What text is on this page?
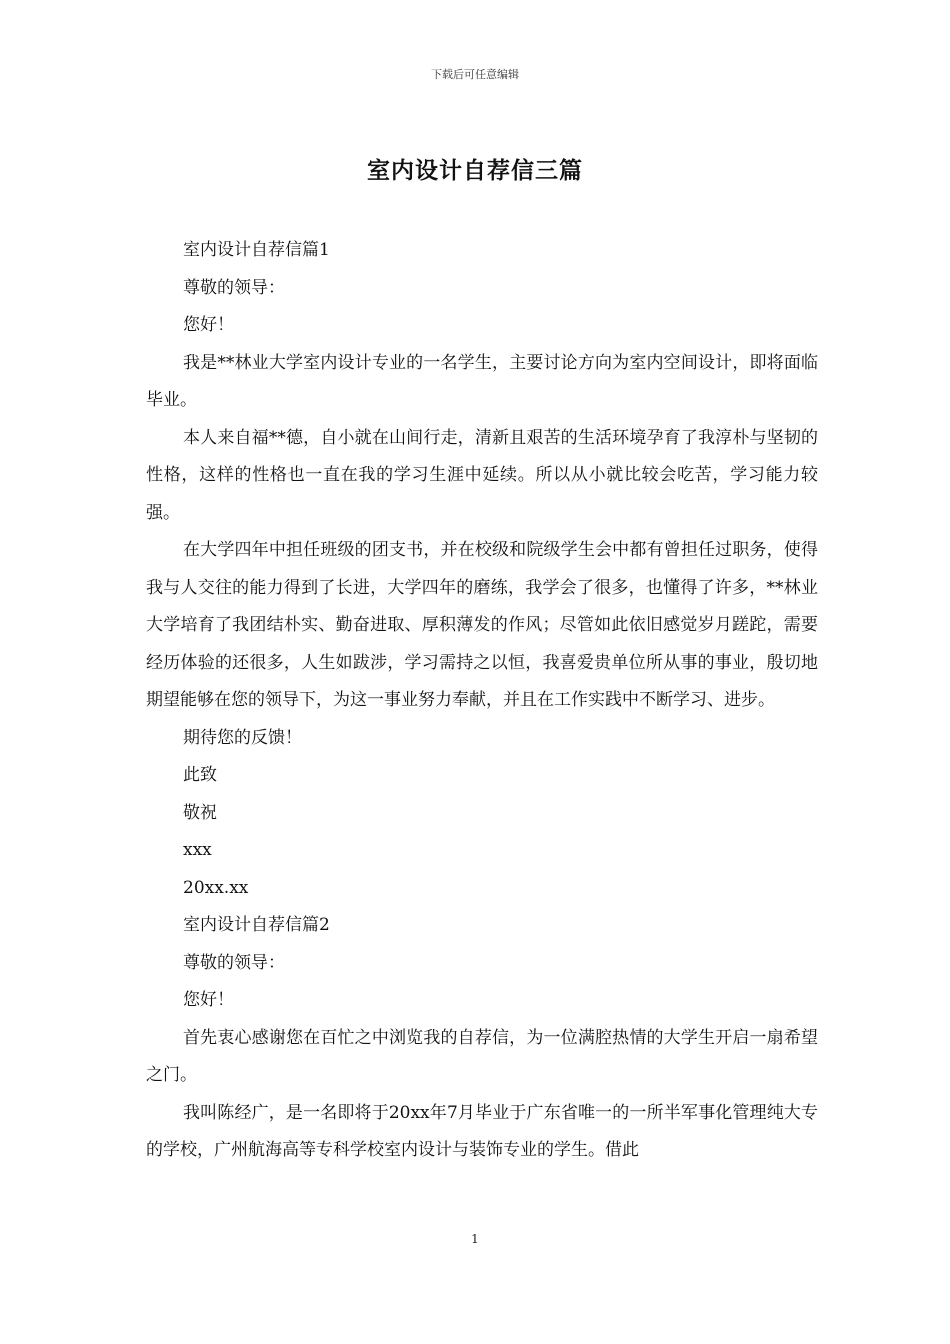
下载后可任意编辑
室内设计自荐信三篇

室内设计自荐信篇1

尊敬的领导：

您好！

我是**林业大学室内设计专业的一名学生，主要讨论方向为室内空间设计，即将面临毕业。

本人来自福**德，自小就在山间行走，清新且艰苦的生活环境孕育了我淳朴与坚韧的性格，这样的性格也一直在我的学习生涯中延续。所以从小就比较会吃苦，学习能力较强。

在大学四年中担任班级的团支书，并在校级和院级学生会中都有曾担任过职务，使得我与人交往的能力得到了长进，大学四年的磨练，我学会了很多，也懂得了许多，**林业大学培育了我团结朴实、勤奋进取、厚积薄发的作风；尽管如此依旧感觉岁月蹉跎，需要经历体验的还很多，人生如跋涉，学习需持之以恒，我喜爱贵单位所从事的事业，殷切地期望能够在您的领导下，为这一事业努力奉献，并且在工作实践中不断学习、进步。

期待您的反馈！

此致

敬祝

xxx

20xx.xx

室内设计自荐信篇2

尊敬的领导：

您好！

首先衷心感谢您在百忙之中浏览我的自荐信，为一位满腔热情的大学生开启一扇希望之门。

我叫陈经广，是一名即将于20xx年7月毕业于广东省唯一的一所半军事化管理纯大专的学校，广州航海高等专科学校室内设计与装饰专业的学生。借此

1
